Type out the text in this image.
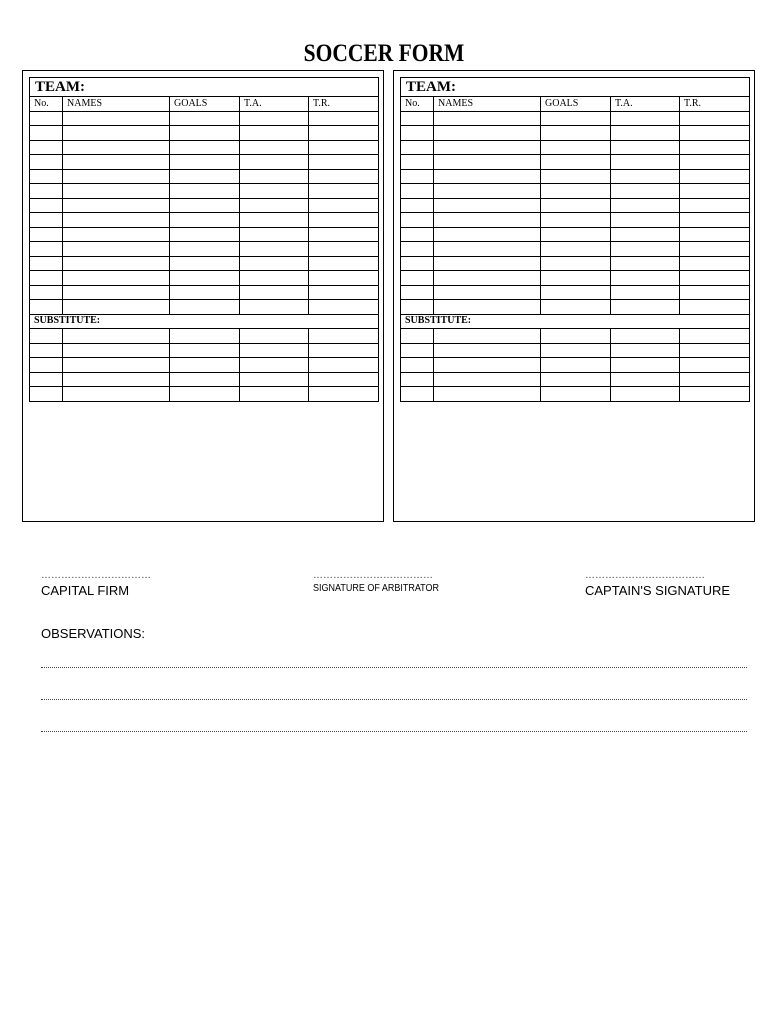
SOCCER FORM
TEAM:				
No.	NAMES	GOALS	T.A.	T.R.

SUBSTITUTE:				

TEAM:				
No.	NAMES	GOALS	T.A.	T.R.

SUBSTITUTE:				

……………………………
CAPITAL FIRM
………………………………
SIGNATURE OF ARBITRATOR
………………………………
CAPTAIN'S SIGNATURE
OBSERVATIONS:
